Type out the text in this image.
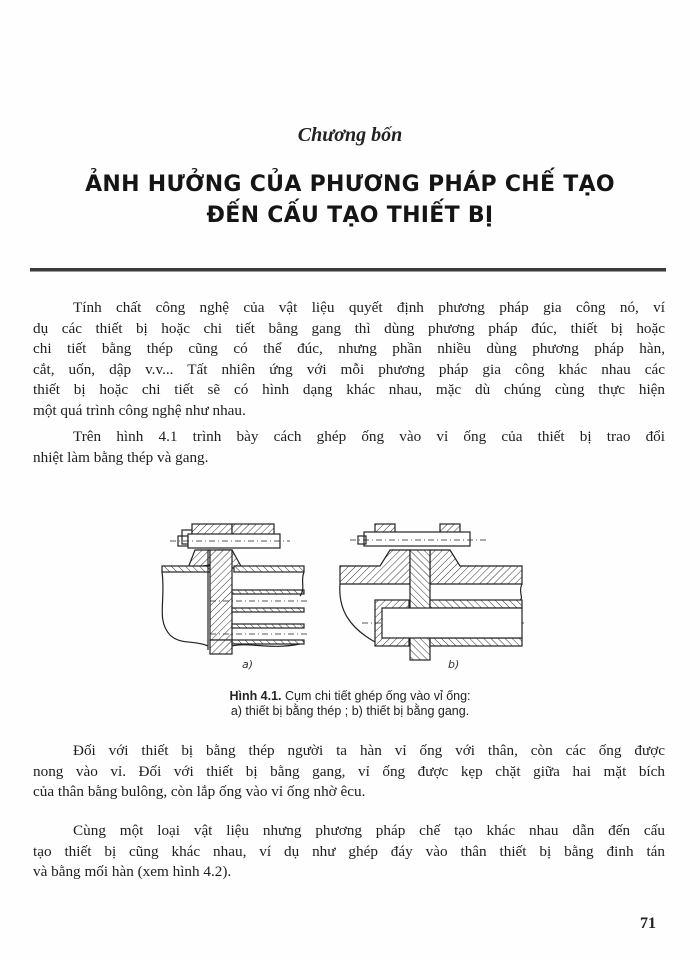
Chương bốn
ẢNH HƯỞNG CỦA PHƯƠNG PHÁP CHẾ TẠO
ĐẾN CẤU TẠO THIẾT BỊ
Tính chất công nghệ của vật liệu quyết định phương pháp gia công nó, ví
dụ các thiết bị hoặc chi tiết bằng gang thì dùng phương pháp đúc, thiết bị hoặc
chi tiết bằng thép cũng có thể đúc, nhưng phần nhiều dùng phương pháp hàn,
cắt, uốn, dập v.v... Tất nhiên ứng với mỗi phương pháp gia công khác nhau các
thiết bị hoặc chi tiết sẽ có hình dạng khác nhau, mặc dù chúng cùng thực hiện
một quá trình công nghệ như nhau.
Trên hình 4.1 trình bày cách ghép ống vào vỉ ống của thiết bị trao đổi
nhiệt làm bằng thép và gang.
a)	b)
Hình 4.1. Cụm chi tiết ghép ống vào vỉ ống:
a) thiết bị bằng thép ; b) thiết bị bằng gang.
Đối với thiết bị bằng thép người ta hàn vỉ ống với thân, còn các ống được
nong vào vỉ. Đối với thiết bị bằng gang, vỉ ống được kẹp chặt giữa hai mặt bích
của thân bằng bulông, còn lắp ống vào vỉ ống nhờ êcu.
Cùng một loại vật liệu nhưng phương pháp chế tạo khác nhau dẫn đến cấu
tạo thiết bị cũng khác nhau, ví dụ như ghép đáy vào thân thiết bị bằng đinh tán
và bằng mối hàn (xem hình 4.2).
71
